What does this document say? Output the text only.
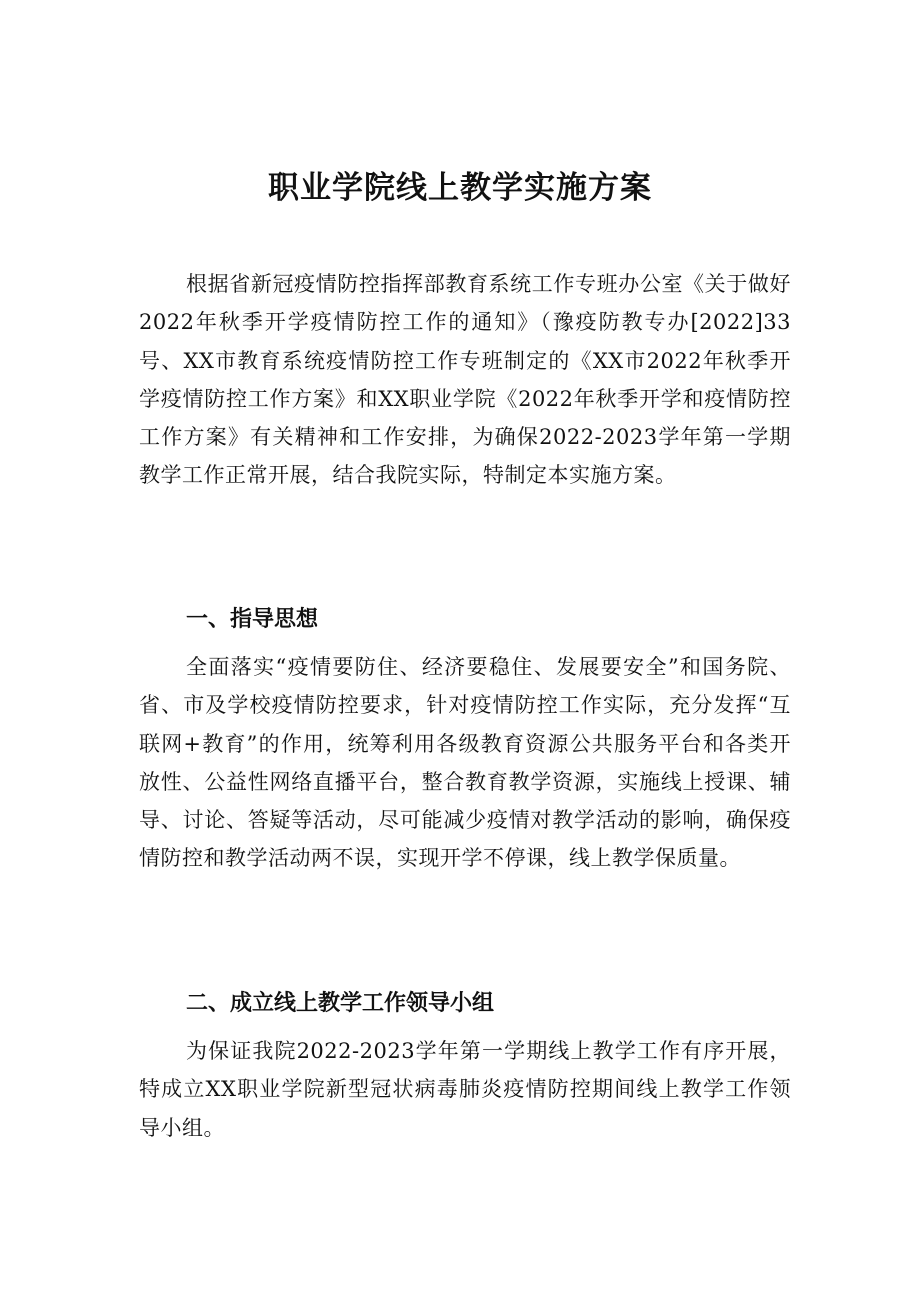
职业学院线上教学实施方案

根据省新冠疫情防控指挥部教育系统工作专班办公室《关于做好2022年秋季开学疫情防控工作的通知》（豫疫防教专办[2022]33号、XX市教育系统疫情防控工作专班制定的《XX市2022年秋季开学疫情防控工作方案》和XX职业学院《2022年秋季开学和疫情防控工作方案》有关精神和工作安排，为确保2022-2023学年第一学期教学工作正常开展，结合我院实际，特制定本实施方案。

一、指导思想

全面落实“疫情要防住、经济要稳住、发展要安全”和国务院、省、市及学校疫情防控要求，针对疫情防控工作实际，充分发挥“互联网+教育”的作用，统筹利用各级教育资源公共服务平台和各类开放性、公益性网络直播平台，整合教育教学资源，实施线上授课、辅导、讨论、答疑等活动，尽可能减少疫情对教学活动的影响，确保疫情防控和教学活动两不误，实现开学不停课，线上教学保质量。

二、成立线上教学工作领导小组

为保证我院2022-2023学年第一学期线上教学工作有序开展，特成立XX职业学院新型冠状病毒肺炎疫情防控期间线上教学工作领导小组。
